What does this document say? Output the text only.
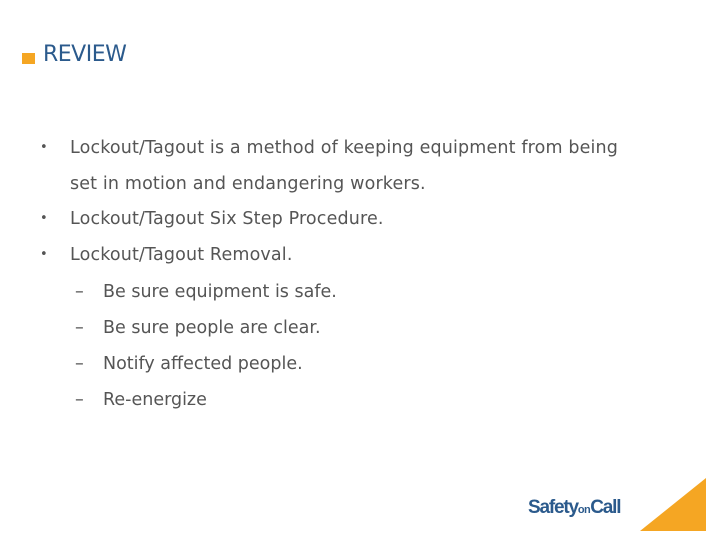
REVIEW
• Lockout/Tagout is a method of keeping equipment from being set in motion and endangering workers.
• Lockout/Tagout Six Step Procedure.
• Lockout/Tagout Removal.
– Be sure equipment is safe.
– Be sure people are clear.
– Notify affected people.
– Re-energize
SafetyonCall
